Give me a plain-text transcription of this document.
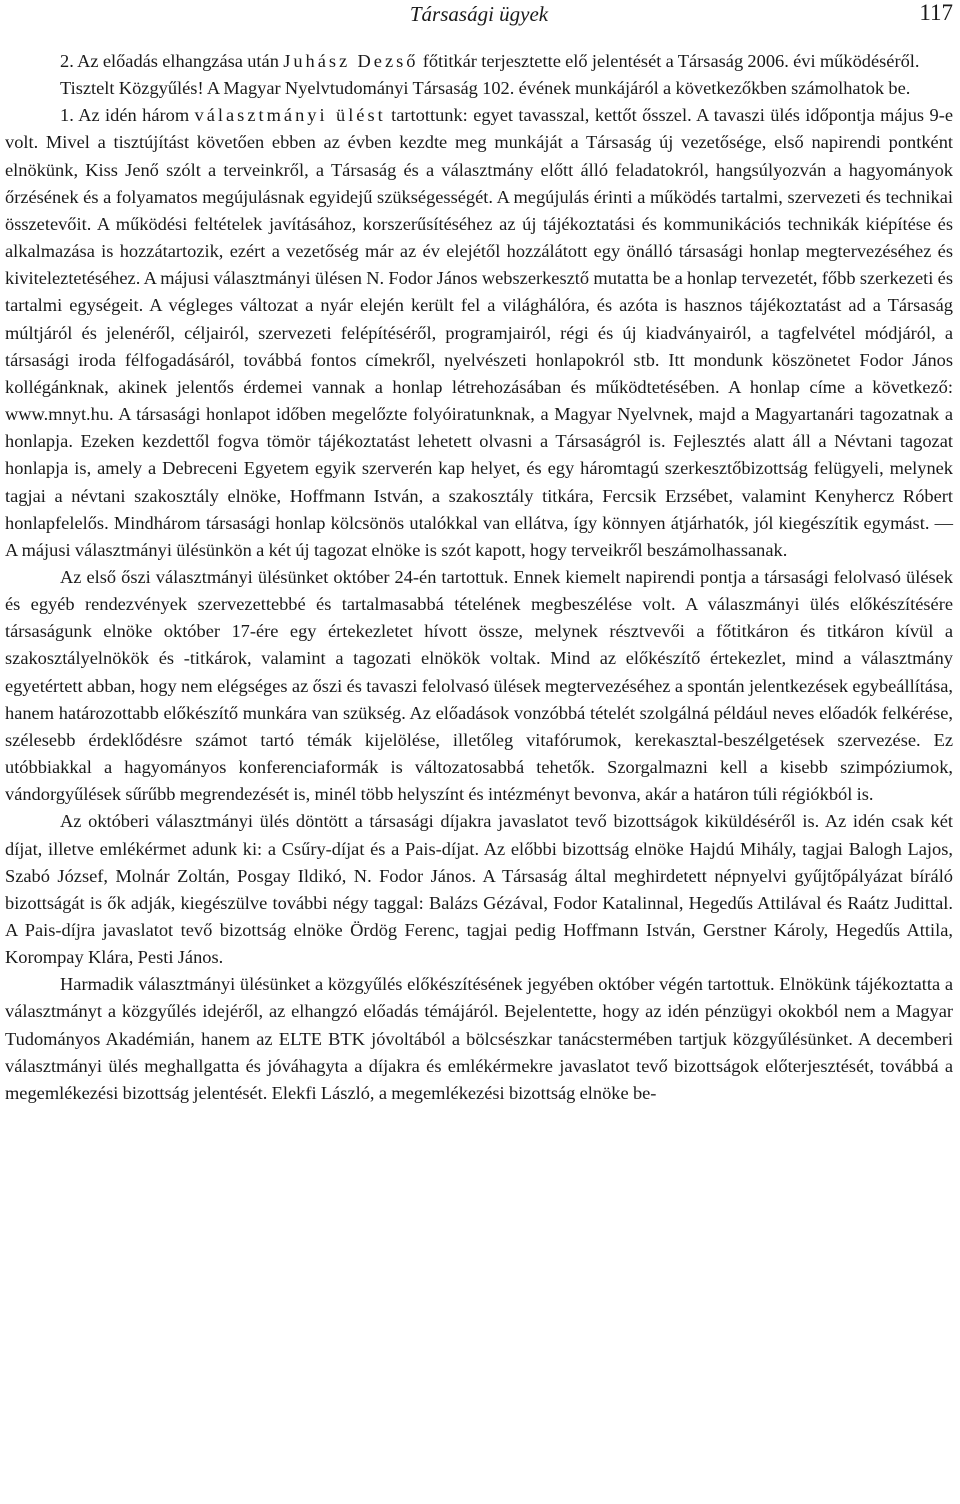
Társasági ügyek	117

2. Az előadás elhangzása után Juhász Dezső főtitkár terjesztette elő jelentését a Társaság 2006. évi működéséről.

Tisztelt Közgyűlés! A Magyar Nyelvtudományi Társaság 102. évének munkájáról a következőkben számolhatok be.

1. Az idén három választmányi ülést tartottunk: egyet tavasszal, kettőt ősszel. A tavaszi ülés időpontja május 9-e volt. Mivel a tisztújítást követően ebben az évben kezdte meg munkáját a Társaság új vezetősége, első napirendi pontként elnökünk, Kiss Jenő szólt a terveinkről, a Társaság és a választmány előtt álló feladatokról, hangsúlyozván a hagyományok őrzésének és a folyamatos megújulásnak egyidejű szükségességét. A megújulás érinti a működés tartalmi, szervezeti és technikai összetevőit. A működési feltételek javításához, korszerűsítéséhez az új tájékoztatási és kommunikációs technikák kiépítése és alkalmazása is hozzátartozik, ezért a vezetőség már az év elejétől hozzálátott egy önálló társasági honlap megtervezéséhez és kiviteleztetéséhez. A májusi választmányi ülésen N. Fodor János webszerkesztő mutatta be a honlap tervezetét, főbb szerkezeti és tartalmi egységeit. A végleges változat a nyár elején került fel a világhálóra, és azóta is hasznos tájékoztatást ad a Társaság múltjáról és jelenéről, céljairól, szervezeti felépítéséről, programjairól, régi és új kiadványairól, a tagfelvétel módjáról, a társasági iroda félfogadásáról, továbbá fontos címekről, nyelvészeti honlapokról stb. Itt mondunk köszönetet Fodor János kollégánknak, akinek jelentős érdemei vannak a honlap létrehozásában és működtetésében. A honlap címe a következő: www.mnyt.hu. A társasági honlapot időben megelőzte folyóiratunknak, a Magyar Nyelvnek, majd a Magyartanári tagozatnak a honlapja. Ezeken kezdettől fogva tömör tájékoztatást lehetett olvasni a Társaságról is. Fejlesztés alatt áll a Névtani tagozat honlapja is, amely a Debreceni Egyetem egyik szerverén kap helyet, és egy háromtagú szerkesztőbizottság felügyeli, melynek tagjai a névtani szakosztály elnöke, Hoffmann István, a szakosztály titkára, Fercsik Erzsébet, valamint Kenyhercz Róbert honlapfelelős. Mindhárom társasági honlap kölcsönös utalókkal van ellátva, így könnyen átjárhatók, jól kiegészítik egymást. — A májusi választmányi ülésünkön a két új tagozat elnöke is szót kapott, hogy terveikről beszámolhassanak.

Az első őszi választmányi ülésünket október 24-én tartottuk. Ennek kiemelt napirendi pontja a társasági felolvasó ülések és egyéb rendezvények szervezettebbé és tartalmasabbá tételének megbeszélése volt. A válaszmányi ülés előkészítésére társaságunk elnöke október 17-ére egy értekezletet hívott össze, melynek résztvevői a főtitkáron és titkáron kívül a szakosztályelnökök és -titkárok, valamint a tagozati elnökök voltak. Mind az előkészítő értekezlet, mind a választmány egyetértett abban, hogy nem elégséges az őszi és tavaszi felolvasó ülések megtervezéséhez a spontán jelentkezések egybeállítása, hanem határozottabb előkészítő munkára van szükség. Az előadások vonzóbbá tételét szolgálná például neves előadók felkérése, szélesebb érdeklődésre számot tartó témák kijelölése, illetőleg vitafórumok, kerekasztal-beszélgetések szervezése. Ez utóbbiakkal a hagyományos konferenciaformák is változatosabbá tehetők. Szorgalmazni kell a kisebb szimpóziumok, vándorgyűlések sűrűbb megrendezését is, minél több helyszínt és intézményt bevonva, akár a határon túli régiókból is.

Az októberi választmányi ülés döntött a társasági díjakra javaslatot tevő bizottságok kiküldéséről is. Az idén csak két díjat, illetve emlékérmet adunk ki: a Csűry-díjat és a Pais-díjat. Az előbbi bizottság elnöke Hajdú Mihály, tagjai Balogh Lajos, Szabó József, Molnár Zoltán, Posgay Ildikó, N. Fodor János. A Társaság által meghirdetett népnyelvi gyűjtőpályázat bíráló bizottságát is ők adják, kiegészülve további négy taggal: Balázs Gézával, Fodor Katalinnal, Hegedűs Attilával és Raátz Judittal. A Pais-díjra javaslatot tevő bizottság elnöke Ördög Ferenc, tagjai pedig Hoffmann István, Gerstner Károly, Hegedűs Attila, Korompay Klára, Pesti János.

Harmadik választmányi ülésünket a közgyűlés előkészítésének jegyében október végén tartottuk. Elnökünk tájékoztatta a választmányt a közgyűlés idejéről, az elhangzó előadás témájáról. Bejelentette, hogy az idén pénzügyi okokból nem a Magyar Tudományos Akadémián, hanem az ELTE BTK jóvoltából a bölcsészkar tanácstermében tartjuk közgyűlésünket. A decemberi választmányi ülés meghallgatta és jóváhagyta a díjakra és emlékérmekre javaslatot tevő bizottságok előterjesztését, továbbá a megemlékezési bizottság jelentését. Elekfi László, a megemlékezési bizottság elnöke be-
